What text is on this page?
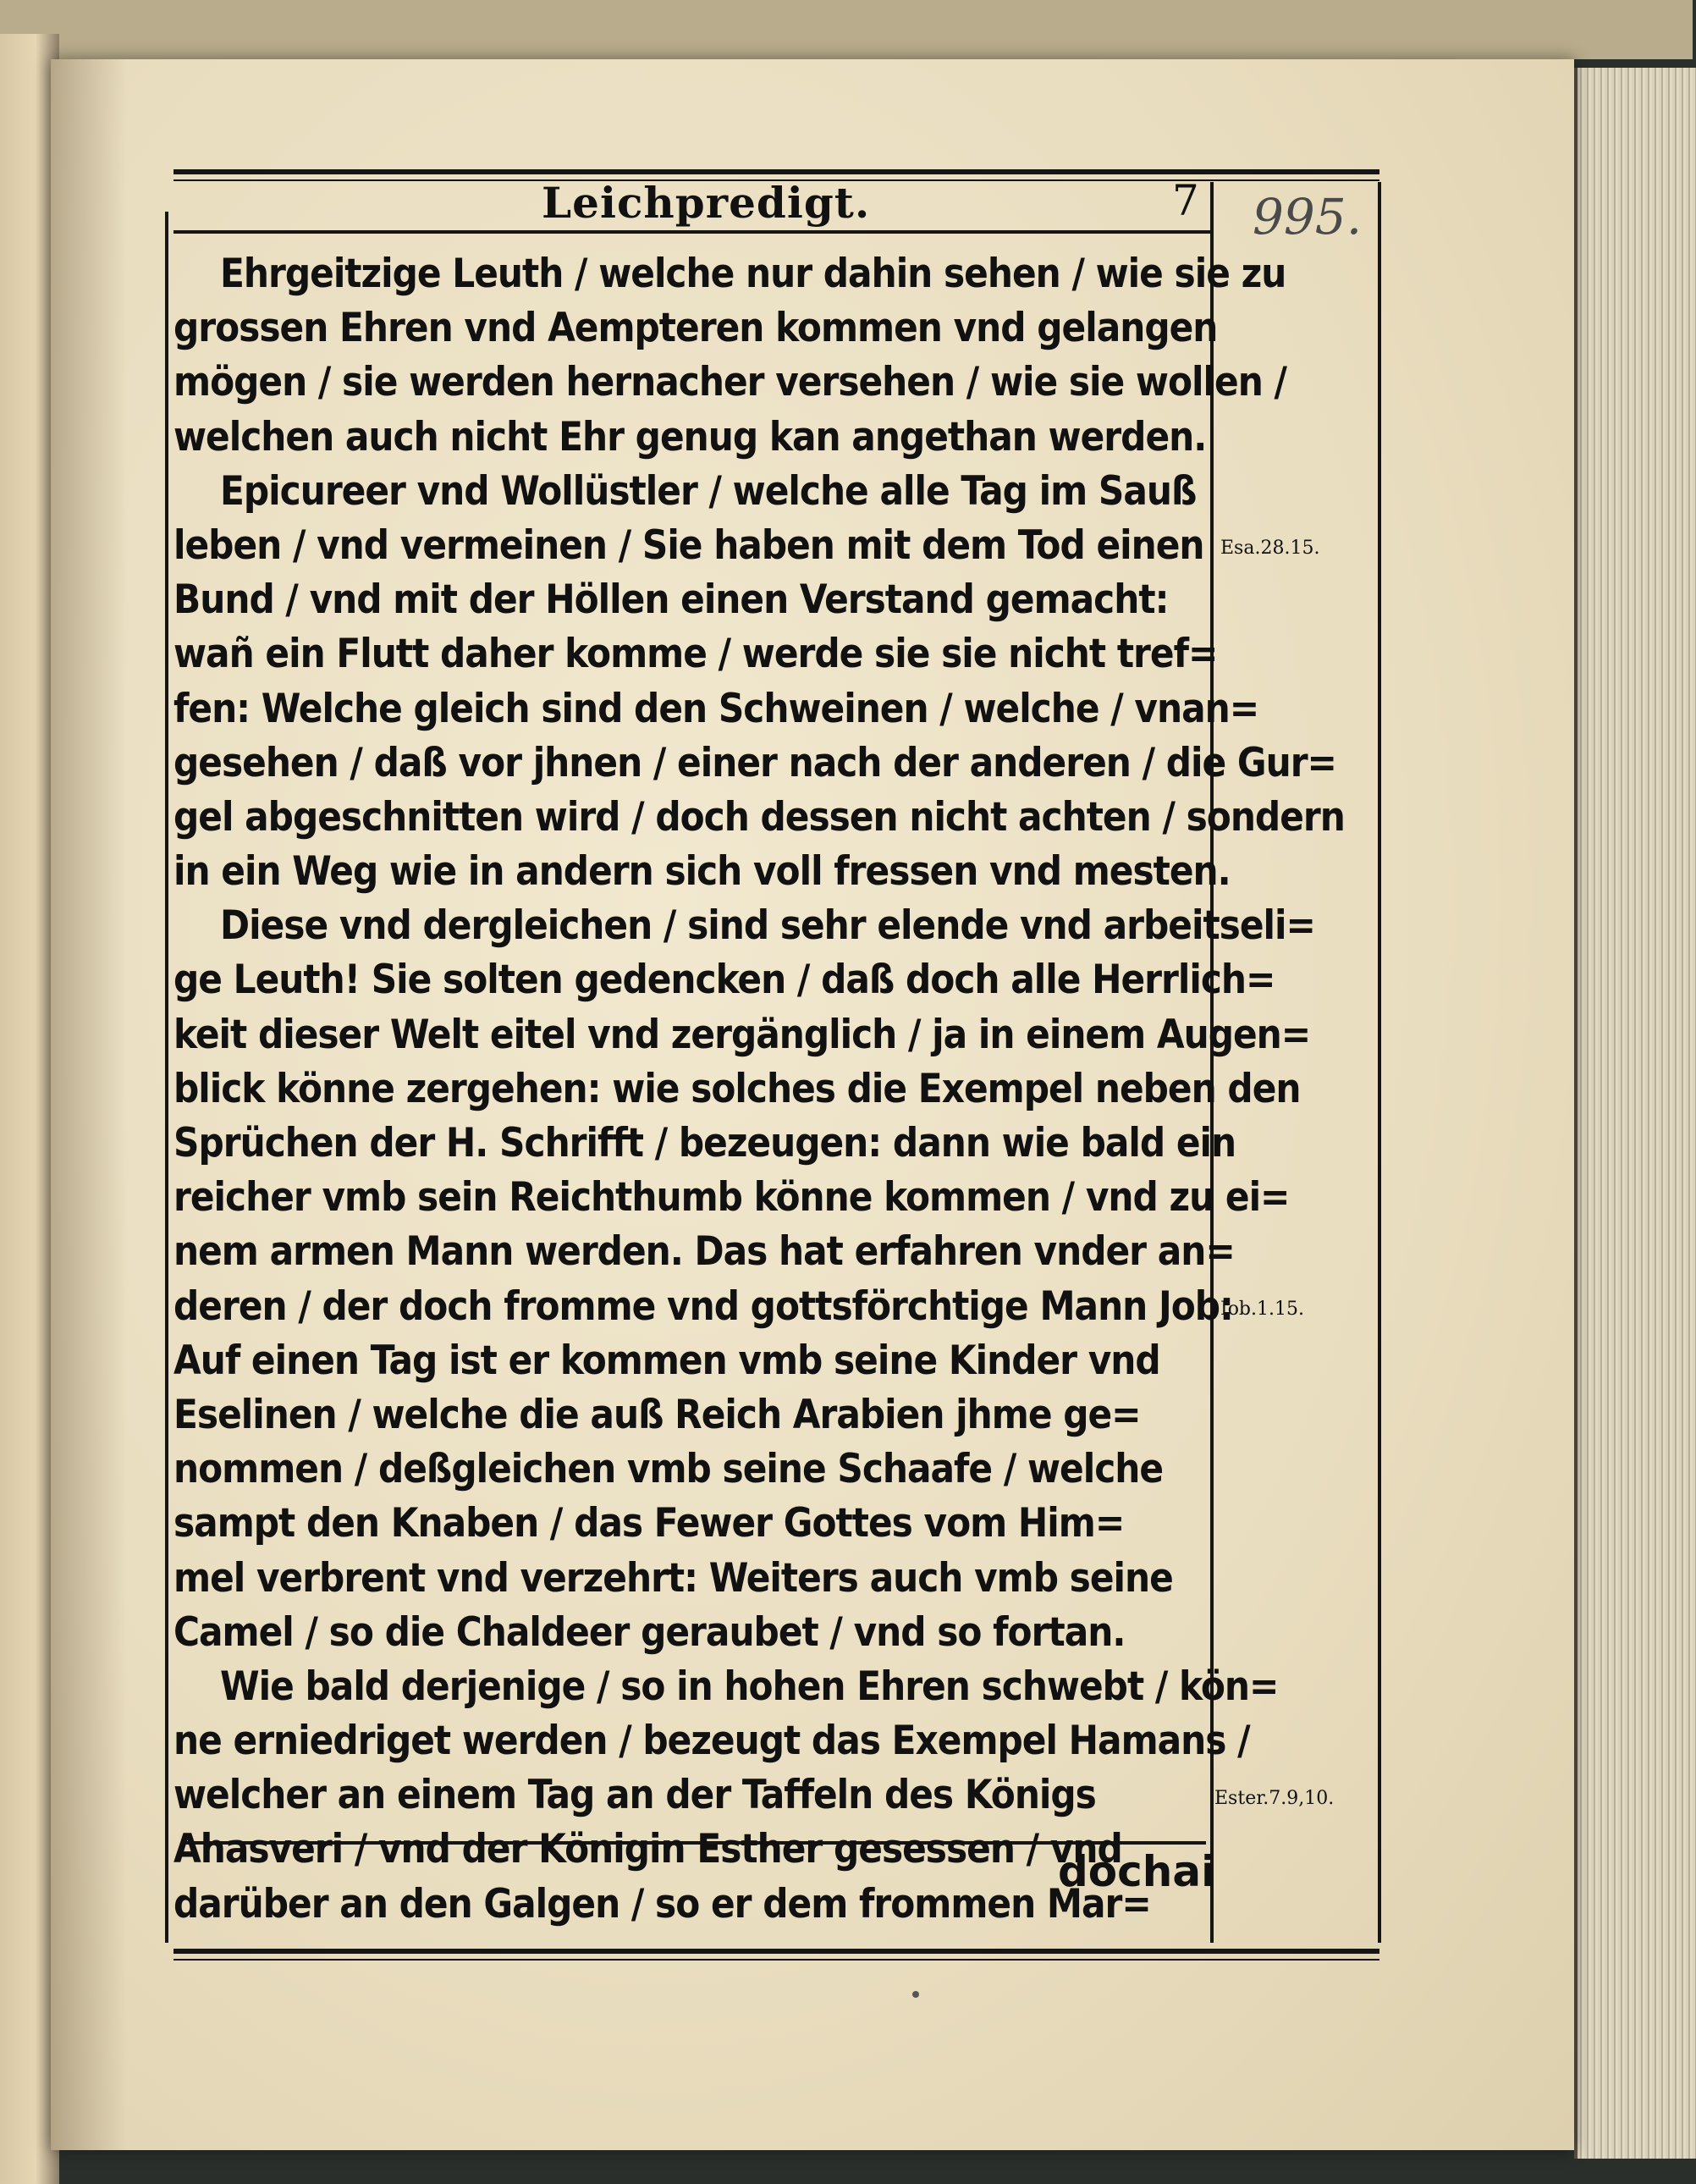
Leichpredigt.	7 995.
Ehrgeitzige Leuth / welche nur dahin sehen / wie sie zu
grossen Ehren vnd Aempteren kommen vnd gelangen
mögen / sie werden hernacher versehen / wie sie wollen /
welchen auch nicht Ehr genug kan angethan werden.
Epicureer vnd Wollüstler / welche alle Tag im Sauß
leben / vnd vermeinen / Sie haben mit dem Tod einen
Bund / vnd mit der Höllen einen Verstand gemacht:
wañ ein Flutt daher komme / werde sie sie nicht tref=
fen: Welche gleich sind den Schweinen / welche / vnan=
gesehen / daß vor jhnen / einer nach der anderen / die Gur=
gel abgeschnitten wird / doch dessen nicht achten / sondern
in ein Weg wie in andern sich voll fressen vnd mesten.
Diese vnd dergleichen / sind sehr elende vnd arbeitseli=
ge Leuth! Sie solten gedencken / daß doch alle Herrlich=
keit dieser Welt eitel vnd zergänglich / ja in einem Augen=
blick könne zergehen: wie solches die Exempel neben den
Sprüchen der H. Schrifft / bezeugen: dann wie bald ein
reicher vmb sein Reichthumb könne kommen / vnd zu ei=
nem armen Mann werden. Das hat erfahren vnder an=
deren / der doch fromme vnd gottsförchtige Mann Job:
Auf einen Tag ist er kommen vmb seine Kinder vnd
Eselinen / welche die auß Reich Arabien jhme ge=
nommen / deßgleichen vmb seine Schaafe / welche
sampt den Knaben / das Fewer Gottes vom Him=
mel verbrent vnd verzehrt: Weiters auch vmb seine
Camel / so die Chaldeer geraubet / vnd so fortan.
Wie bald derjenige / so in hohen Ehren schwebt / kön=
ne erniedriget werden / bezeugt das Exempel Hamans /
welcher an einem Tag an der Taffeln des Königs
Ahasveri / vnd der Königin Esther gesessen / vnd
darüber an den Galgen / so er dem frommen Mar=
dochai
Esa.28.15.
Iob.1.15.
Ester.7.9,10.
